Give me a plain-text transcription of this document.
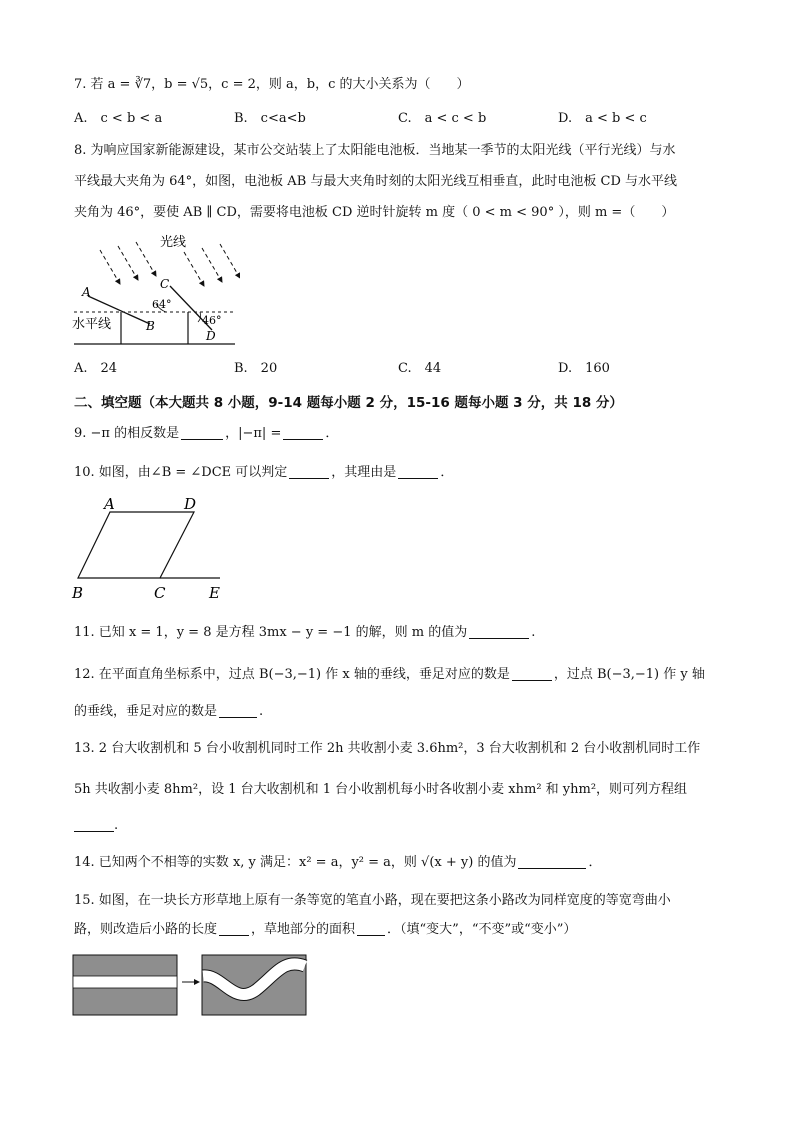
7. 若 a = ∛7，b = √5，c = 2，则 a，b，c 的大小关系为（　　）
A.　c < b < a	B.　c<a<b	C.　a < c < b	D.　a < b < c
8. 为响应国家新能源建设，某市公交站装上了太阳能电池板．当地某一季节的太阳光线（平行光线）与水
平线最大夹角为 64°，如图，电池板 AB 与最大夹角时刻的太阳光线互相垂直，此时电池板 CD 与水平线
夹角为 46°，要使 AB ∥ CD，需要将电池板 CD 逆时针旋转 m 度（ 0 < m < 90° ），则 m =（　　）
光线
A
B
C
D
64°
46°
水平线
A.　24	B.　20	C.　44	D.　160
二、填空题（本大题共 8 小题，9-14 题每小题 2 分，15-16 题每小题 3 分，共 18 分）
9. −π 的相反数是	，|−π| =	．
10. 如图，由∠B = ∠DCE 可以判定	，其理由是	．
A	D
B	C	E
11. 已知 x = 1，y = 8 是方程 3mx − y = −1 的解，则 m 的值为	.
12. 在平面直角坐标系中，过点 B(−3,−1) 作 x 轴的垂线，垂足对应的数是	，过点 B(−3,−1) 作 y 轴
的垂线，垂足对应的数是	.
13. 2 台大收割机和 5 台小收割机同时工作 2h 共收割小麦 3.6hm²，3 台大收割机和 2 台小收割机同时工作
5h 共收割小麦 8hm²，设 1 台大收割机和 1 台小收割机每小时各收割小麦 xhm² 和 yhm²，则可列方程组
.
14. 已知两个不相等的实数 x, y 满足：x² = a，y² = a，则 √(x + y) 的值为	．
15. 如图，在一块长方形草地上原有一条等宽的笔直小路，现在要把这条小路改为同样宽度的等宽弯曲小
路，则改造后小路的长度	，草地部分的面积 ．（填“变大”，“不变”或“变小”）
